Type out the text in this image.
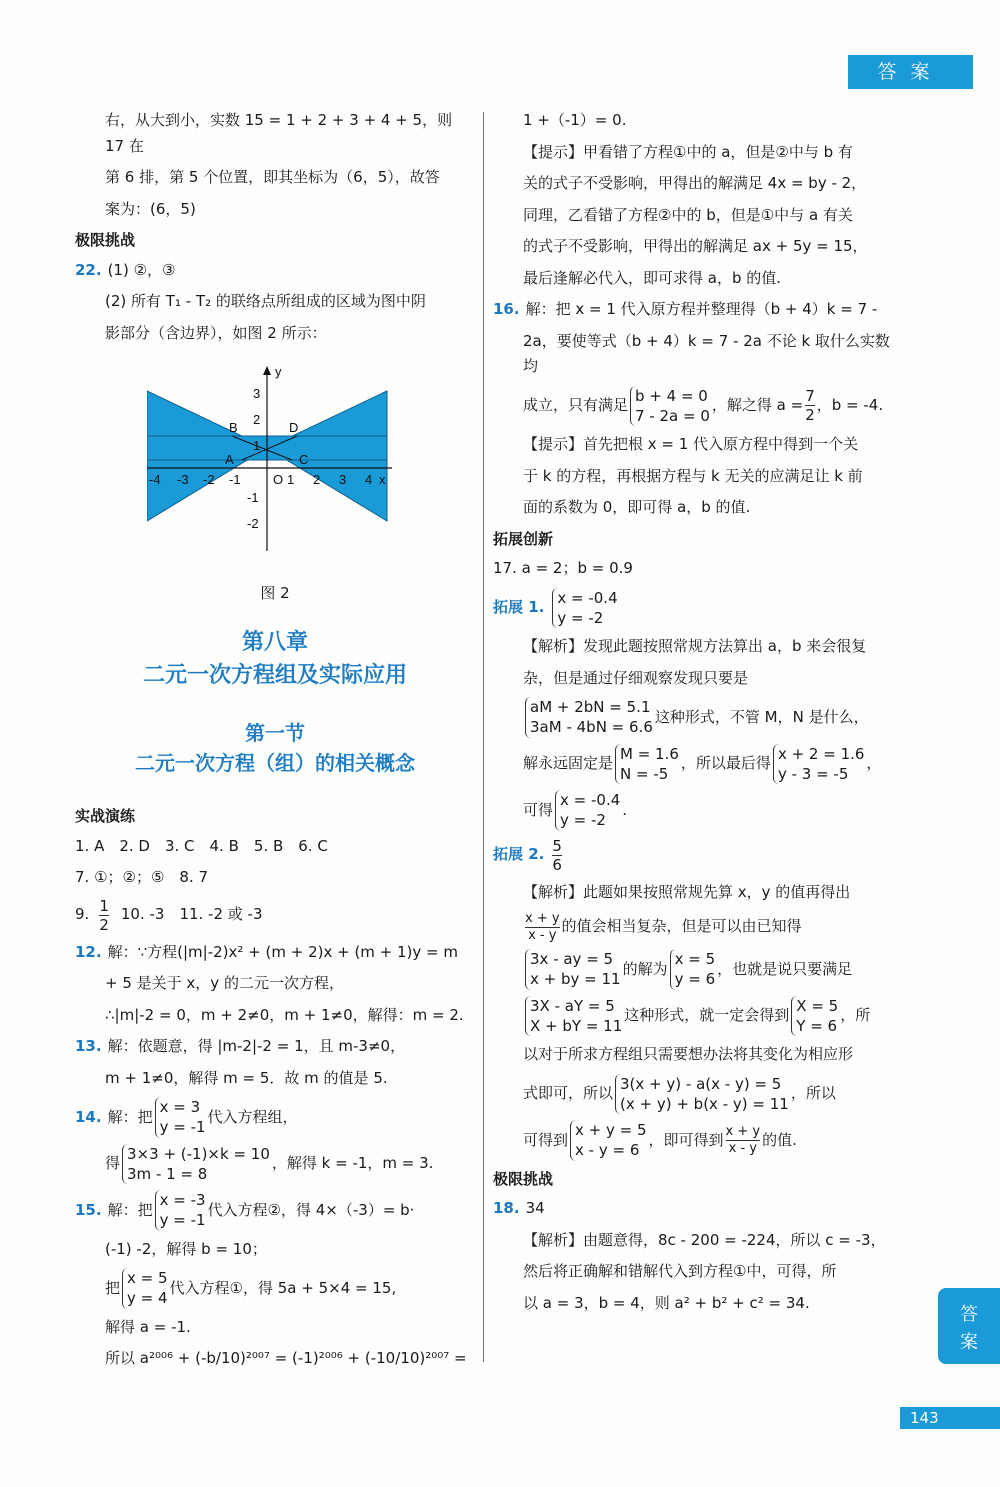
答案
答
案
143

右，从大到小，实数 15 = 1 + 2 + 3 + 4 + 5，则 17 在

第 6 排，第 5 个位置，即其坐标为（6，5），故答

案为：(6，5)

极限挑战

22. (1) ②，③

(2) 所有 T₁ - T₂ 的联络点所组成的区域为图中阴

影部分（含边界），如图 2 所示：

y
x
B	D
A	C
O
-4 -3 -2 -1	1 2 3 4
3
2
1
-1
-2

图 2

第八章

二元一次方程组及实际应用

第一节

二元一次方程（组）的相关概念

实战演练

1. A　2. D　3. C　4. B　5. B　6. C

7. ①；②；⑤　8. 7

9. $\frac{1}{2} 10$. -3　11. -2 或 -3

12. 解：∵方程(|m|-2)x² + (m + 2)x + (m + 1)y = m

+ 5 是关于 x，y 的二元一次方程，

∴|m|-2 = 0，m + 2≠0，m + 1≠0，解得：m = 2.

13. 解：依题意，得 |m-2|-2 = 1，且 m-3≠0，

m + 1≠0，解得 m = 5．故 m 的值是 5.

14. 解：把
x = 3
y = -1
代入方程组，
得
3×3 + (-1)×k = 10
3m - 1 = 8
，解得 k = -1，m = 3.
15. 解：把
x = -3
y = -1
代入方程②，得 4×（-3）= b·

(-1) -2，解得 b = 10；

把
x = 5
y = 4
代入方程①，得 5a + 5×4 = 15,

解得 a = -1.

所以 a²⁰⁰⁶ + (-b/10)²⁰⁰⁷ = (-1)²⁰⁰⁶ + (-10/10)²⁰⁰⁷ =

1 +（-1）= 0.

【提示】甲看错了方程①中的 a，但是②中与 b 有

关的式子不受影响，甲得出的解满足 4x = by - 2，

同理，乙看错了方程②中的 b，但是①中与 a 有关

的式子不受影响，甲得出的解满足 ax + 5y = 15，

最后逢解必代入，即可求得 a，b 的值.

16. 解：把 x = 1 代入原方程并整理得（b + 4）k = 7 -

2a，要使等式（b + 4）k = 7 - 2a 不论 k 取什么实数均

成立，只有满足
b + 4 = 0
7 - 2a = 0
，解之得 $a = \frac{7}{2}$ ，b = -4.

【提示】首先把根 x = 1 代入原方程中得到一个关

于 k 的方程，再根据方程与 k 无关的应满足让 k 前

面的系数为 0，即可得 a，b 的值.

拓展创新

17. a = 2；b = 0.9

拓展 1.
x = -0.4
y = -2

【解析】发现此题按照常规方法算出 a，b 来会很复

杂，但是通过仔细观察发现只要是

aM + 2bN = 5.1
3aM - 4bN = 6.6
这种形式，不管 M，N 是什么，
解永远固定是
M = 1.6
N = -5
，所以最后得
x + 2 = 1.6
y - 3 = -5
，
可得
x = -0.4
y = -2
.
拓展 2. $\frac{5}{6}$

【解析】此题如果按照常规先算 x，y 的值再得出

$\frac{x + y}{x - y}$ 的值会相当复杂，但是可以由已知得
3x - ay = 5
x + by = 11
的解为
x = 5
y = 6
，也就是说只要满足
3X - aY = 5
X + bY = 11
这种形式，就一定会得到
X = 5
Y = 6
，所

以对于所求方程组只需要想办法将其变化为相应形

式即可，所以
3(x + y) - a(x - y) = 5
(x + y) + b(x - y) = 11
，所以
可得到
x + y = 5
x - y = 6
，即可得到 $\frac{x + y}{x - y}$ 的值.

极限挑战

18. 34

【解析】由题意得，8c - 200 = -224，所以 c = -3，

然后将正确解和错解代入到方程①中，可得，所

以 a = 3，b = 4，则 a² + b² + c² = 34.
